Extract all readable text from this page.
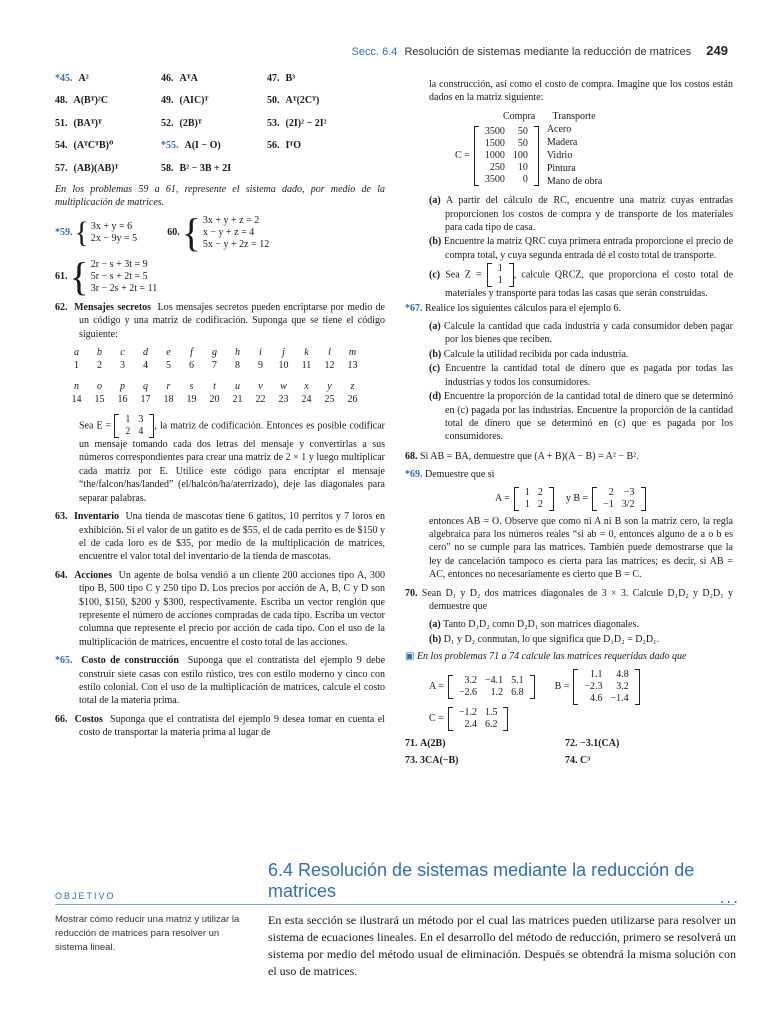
Secc. 6.4 Resolución de sistemas mediante la reducción de matrices 249
*45. A²	46. AᵀA	47. B³
48. A(Bᵀ)²C	49. (AIC)ᵀ	50. Aᵀ(2Cᵀ)
51. (BAᵀ)ᵀ	52. (2B)ᵀ	53. (2I)² − 2I²
54. (AᵀCᵀB)⁰	*55. A(I − O)	56. IᵀO
57. (AB)(AB)ᵀ	58. B² − 3B + 2I

En los problemas 59 a 61, represente el sistema dado, por medio de la multiplicación de matrices.

*59. { 3x + y = 6
2x − 9y = 5
60. { 3x + y + z = 2
x − y + z = 4
5x − y + 2z = 12
61. { 2r − s + 3t = 9
5r − s + 2t = 5
3r − 2s + 2t = 11

62. Mensajes secretos Los mensajes secretos pueden encriptarse por medio de un código y una matriz de codificación. Suponga que se tiene el código siguiente:

a	b	c	d	e	f	g	h	i	j	k	l	m
1	2	3	4	5	6	7	8	9	10	11	12	13
n	o	p	q	r	s	t	u	v	w	x	y	z
14	15	16	17	18	19	20	21	22	23	24	25	26

Sea E =
1	3
2	4
, la matriz de codificación. Entonces es posible codificar un mensaje tomando cada dos letras del mensaje y convertirlas a sus números correspondientes para crear una matriz de 2 × 1 y luego multiplicar cada matriz por E. Utilice este código para encriptar el mensaje “the/falcon/has/landed” (el/halcón/ha/aterrizado), deje las diagonales para separar palabras.

63. Inventario Una tienda de mascotas tiene 6 gatitos, 10 perritos y 7 loros en exhibición. Si el valor de un gatito es de $55, el de cada perrito es de $150 y el de cada loro es de $35, por medio de la multiplicación de matrices, encuentre el valor total del inventario de la tienda de mascotas.

64. Acciones Un agente de bolsa vendió a un cliente 200 acciones tipo A, 300 tipo B, 500 tipo C y 250 tipo D. Los precios por acción de A, B, C y D son $100, $150, $200 y $300, respectivamente. Escriba un vector renglón que represente el número de acciones compradas de cada tipo. Escriba un vector columna que represente el precio por acción de cada tipo. Con el uso de la multiplicación de matrices, encuentre el costo total de las acciones.

*65. Costo de construcción Suponga que el contratista del ejemplo 9 debe construir siete casas con estilo rústico, tres con estilo moderno y cinco con estilo colonial. Con el uso de la multiplicación de matrices, calcule el costo total de la materia prima.

66. Costos Suponga que el contratista del ejemplo 9 desea tomar en cuenta el costo de transportar la materia prima al lugar de

la construcción, así como el costo de compra. Imagine que los costos están dados en la matriz siguiente:

Compra Transporte
C =
3500	50
1500	50
1000	100
250	10
3500	0
Acero
Madera
Vidrio
Pintura
Mano de obra

(a) A partir del cálculo de RC, encuentre una matriz cuyas entradas proporcionen los costos de compra y de transporte de los materiales para cada tipo de casa.

(b) Encuentre la matriz QRC cuya primera entrada proporcione el precio de compra total, y cuya segunda entrada dé el costo total de transporte.

(c) Sea Z =
1
1
, calcule QRCZ, que proporciona el costo total de materiales y transporte para todas las casas que serán construidas.

*67. Realice los siguientes cálculos para el ejemplo 6.

(a) Calcule la cantidad que cada industria y cada consumidor deben pagar por los bienes que reciben.

(b) Calcule la utilidad recibida por cada industria.

(c) Encuentre la cantidad total de dinero que es pagada por todas las industrias y todos los consumidores.

(d) Encuentre la proporción de la cantidad total de dinero que se determinó en (c) pagada por las industrias. Encuentre la proporción de la cantidad total de dinero que se determinó en (c) que es pagada por los consumidores.

68. Si AB = BA, demuestre que (A + B)(A − B) = A² − B².

*69. Demuestre que si

A =
1	2
1	2
y B =
2	−3
−1	3/2

entonces AB = O. Observe que como ni A ni B son la matriz cero, la regla algebraica para los números reales “si ab = 0, entonces alguno de a o b es cero” no se cumple para las matrices. También puede demostrarse que la ley de cancelación tampoco es cierta para las matrices; es decir, si AB = AC, entonces no necesariamente es cierto que B = C.

70. Sean D₁ y D₂ dos matrices diagonales de 3 × 3. Calcule D₁D₂ y D₂D₁ y demuestre que

(a) Tanto D₁D₂ como D₂D₁ son matrices diagonales.

(b) D₁ y D₂ conmutan, lo que significa que D₁D₂ = D₂D₁.

▣ En los problemas 71 a 74 calcule las matrices requeridas dado que

A =
3.2	−4.1	5.1
−2.6	1.2	6.8
B =
1.1	4.8
−2.3	3.2
4.6	−1.4
C =
−1.2	1.5
2.4	6.2
71. A(2B)	72. −3.1(CA)
73. 3CA(−B)	74. C³
6.4 Resolución de sistemas mediante la reducción de matrices
OBJETIVO
• • •
Mostrar cómo reducir una matriz y utilizar la reducción de matrices para resolver un sistema lineal.
En esta sección se ilustrará un método por el cual las matrices pueden utilizarse para resolver un sistema de ecuaciones lineales. En el desarrollo del método de reducción, primero se resolverá un sistema por medio del método usual de eliminación. Después se obtendrá la misma solución con el uso de matrices.
